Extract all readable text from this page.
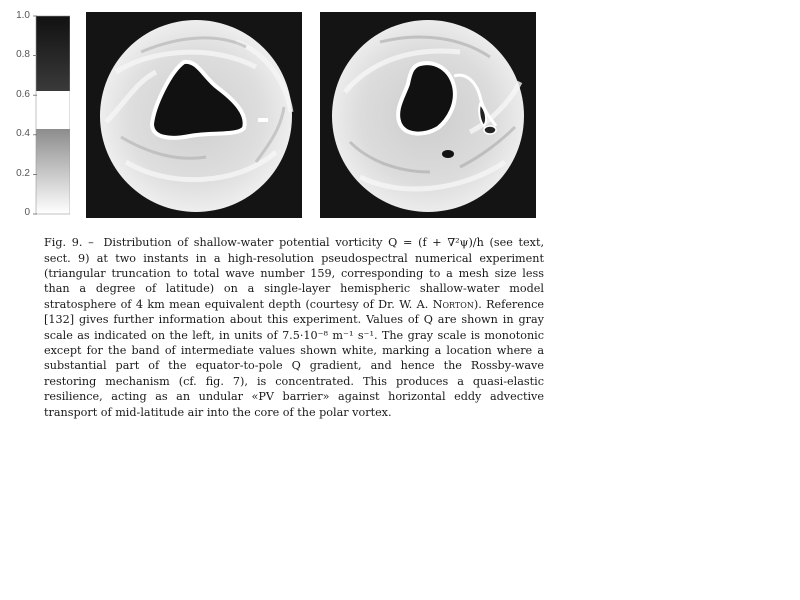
1.0
0.8
0.6
0.4
0.2
0

Fig. 9. – Distribution of shallow-water potential vorticity Q = (f + ∇²ψ)/h (see text, sect. 9) at two instants in a high-resolution pseudospectral numerical experiment (triangular truncation to total wave number 159, corresponding to a mesh size less than a degree of latitude) on a single-layer hemispheric shallow-water model stratosphere of 4 km mean equivalent depth (courtesy of Dr. W. A. Norton). Reference [132] gives further information about this experiment. Values of Q are shown in gray scale as indicated on the left, in units of 7.5·10⁻⁸ m⁻¹ s⁻¹. The gray scale is monotonic except for the band of intermediate values shown white, marking a location where a substantial part of the equator-to-pole Q gradient, and hence the Rossby-wave restoring mechanism (cf. fig. 7), is concentrated. This produces a quasi-elastic resilience, acting as an undular «PV barrier» against horizontal eddy advective transport of mid-latitude air into the core of the polar vortex.
